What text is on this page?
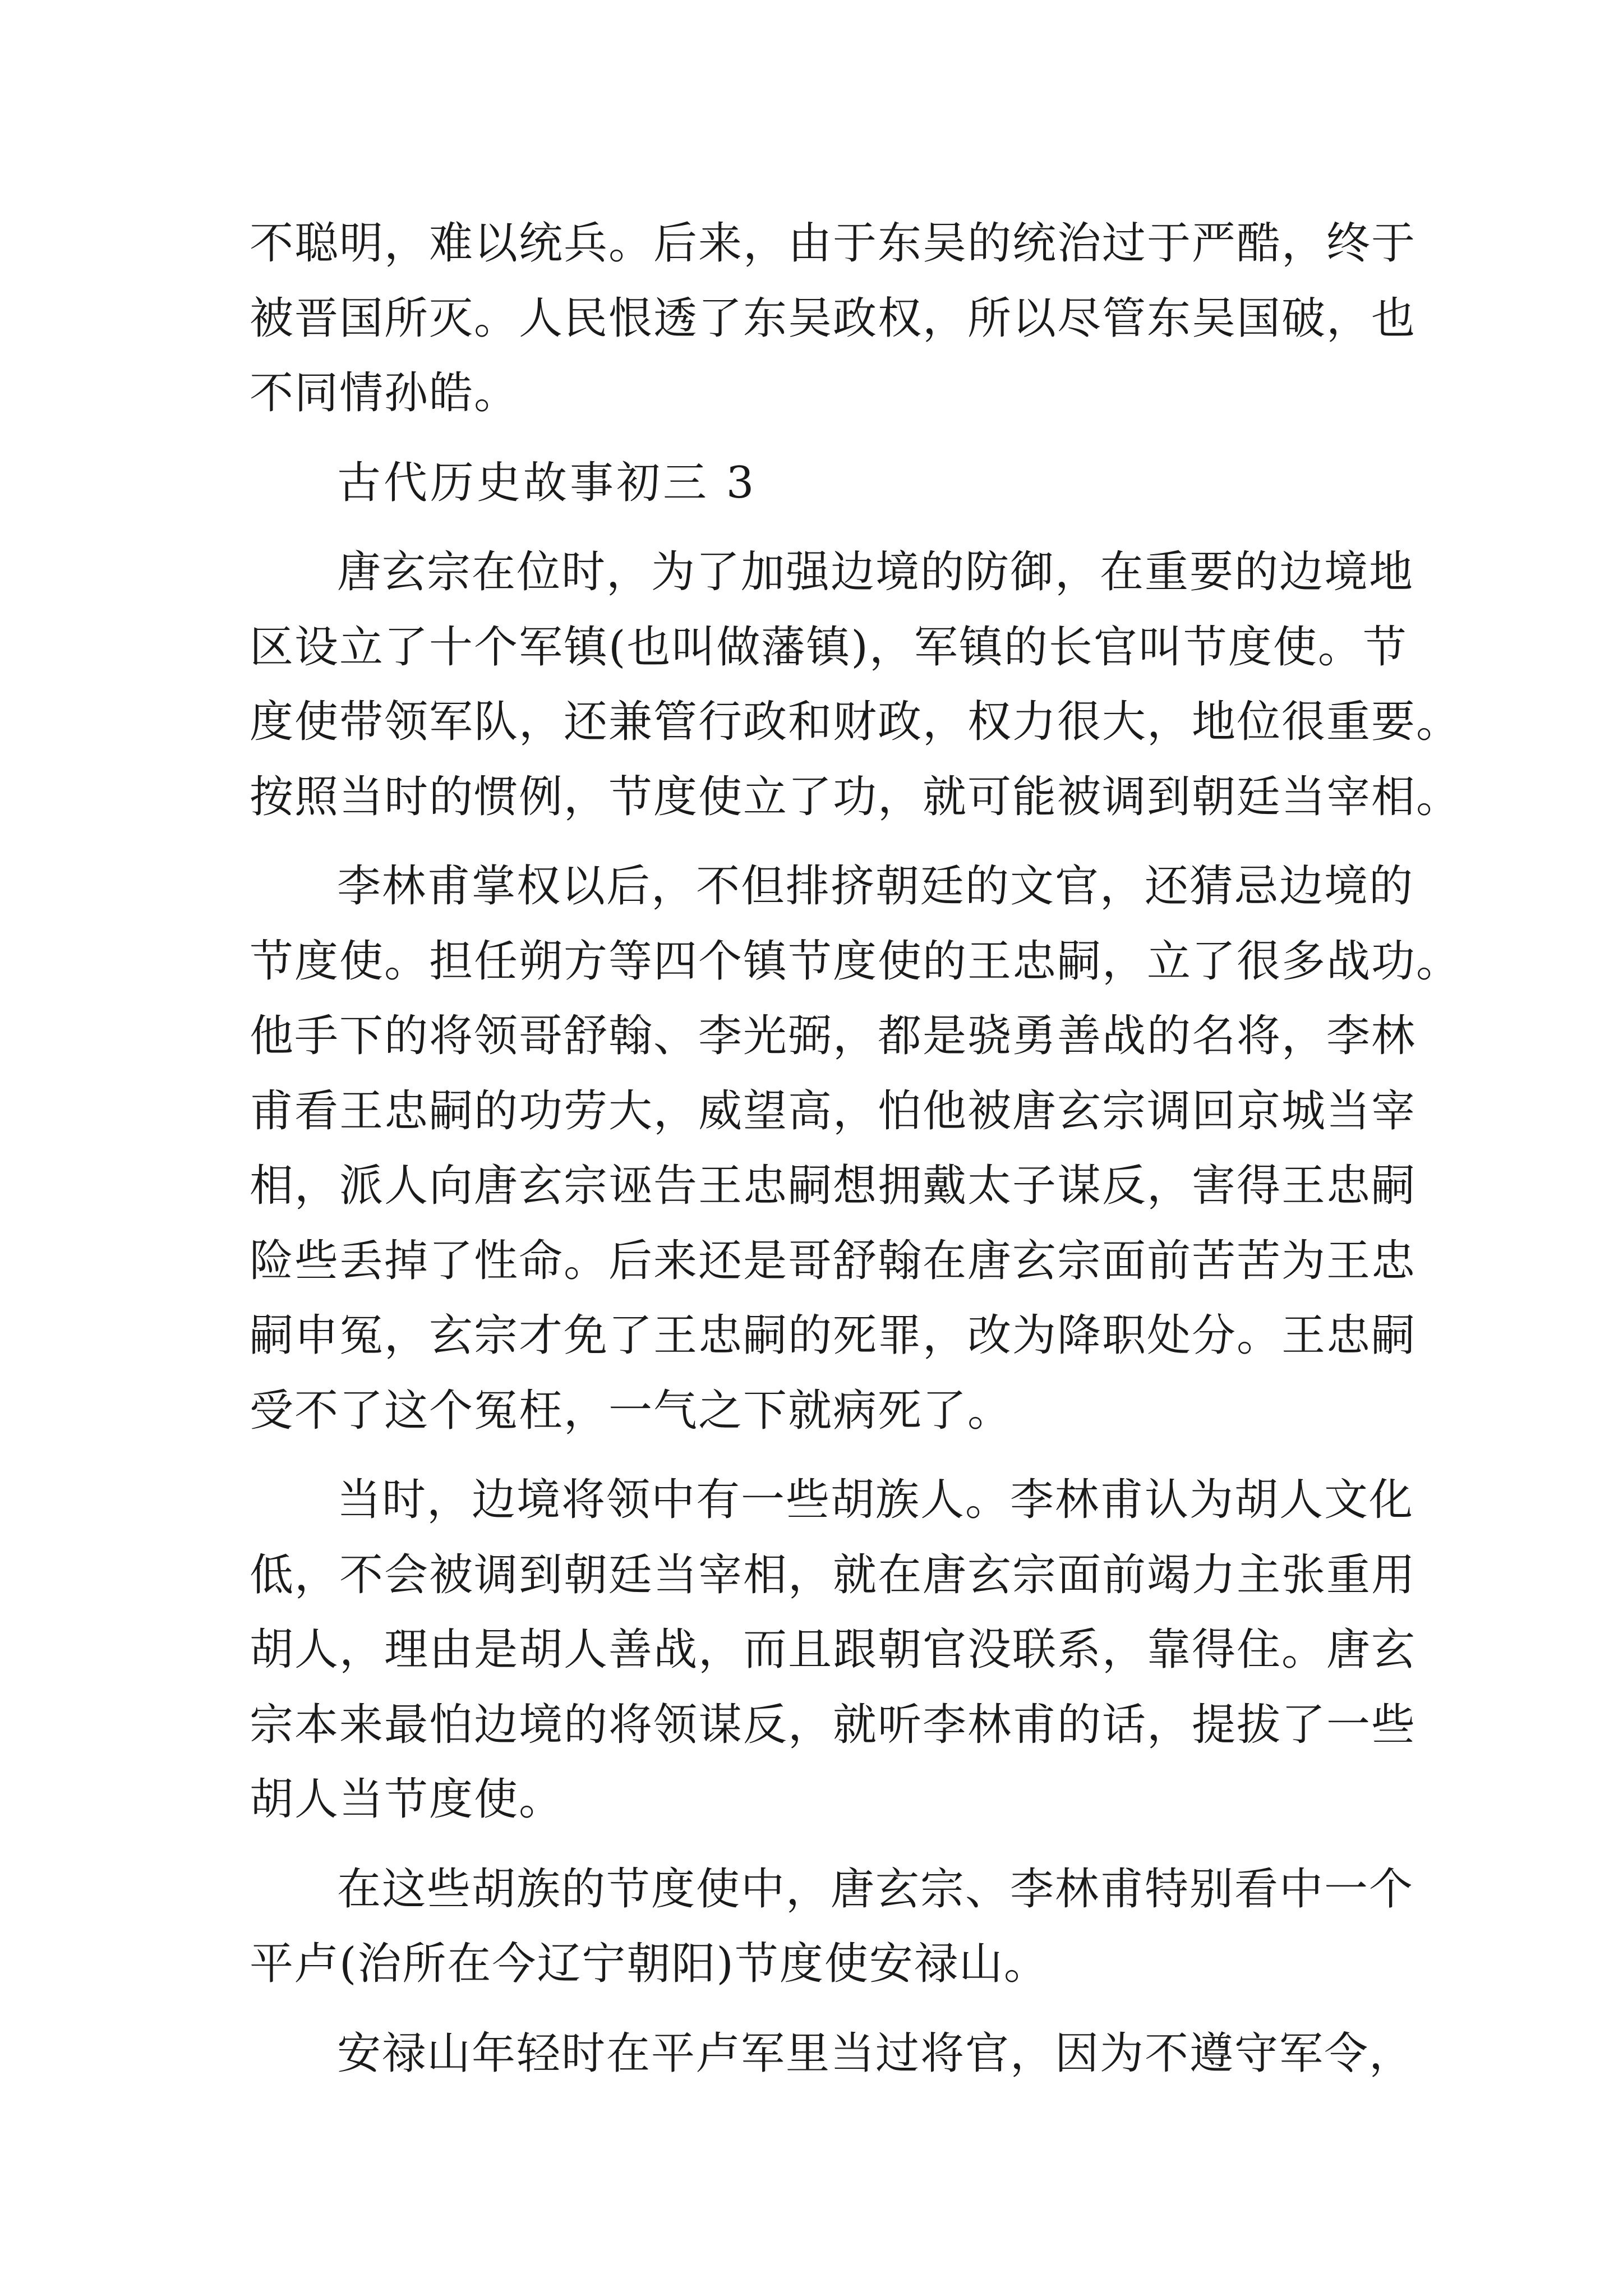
不聪明，难以统兵。后来，由于东吴的统治过于严酷，终于
被晋国所灭。人民恨透了东吴政权，所以尽管东吴国破，也
不同情孙皓。
古代历史故事初三 3
唐玄宗在位时，为了加强边境的防御，在重要的边境地
区设立了十个军镇(也叫做藩镇)，军镇的长官叫节度使。节
度使带领军队，还兼管行政和财政，权力很大，地位很重要。
按照当时的惯例，节度使立了功，就可能被调到朝廷当宰相。
李林甫掌权以后，不但排挤朝廷的文官，还猜忌边境的
节度使。担任朔方等四个镇节度使的王忠嗣，立了很多战功。
他手下的将领哥舒翰、李光弼，都是骁勇善战的名将，李林
甫看王忠嗣的功劳大，威望高，怕他被唐玄宗调回京城当宰
相，派人向唐玄宗诬告王忠嗣想拥戴太子谋反，害得王忠嗣
险些丢掉了性命。后来还是哥舒翰在唐玄宗面前苦苦为王忠
嗣申冤，玄宗才免了王忠嗣的死罪，改为降职处分。王忠嗣
受不了这个冤枉，一气之下就病死了。
当时，边境将领中有一些胡族人。李林甫认为胡人文化
低，不会被调到朝廷当宰相，就在唐玄宗面前竭力主张重用
胡人，理由是胡人善战，而且跟朝官没联系，靠得住。唐玄
宗本来最怕边境的将领谋反，就听李林甫的话，提拔了一些
胡人当节度使。
在这些胡族的节度使中，唐玄宗、李林甫特别看中一个
平卢(治所在今辽宁朝阳)节度使安禄山。
安禄山年轻时在平卢军里当过将官，因为不遵守军令，
